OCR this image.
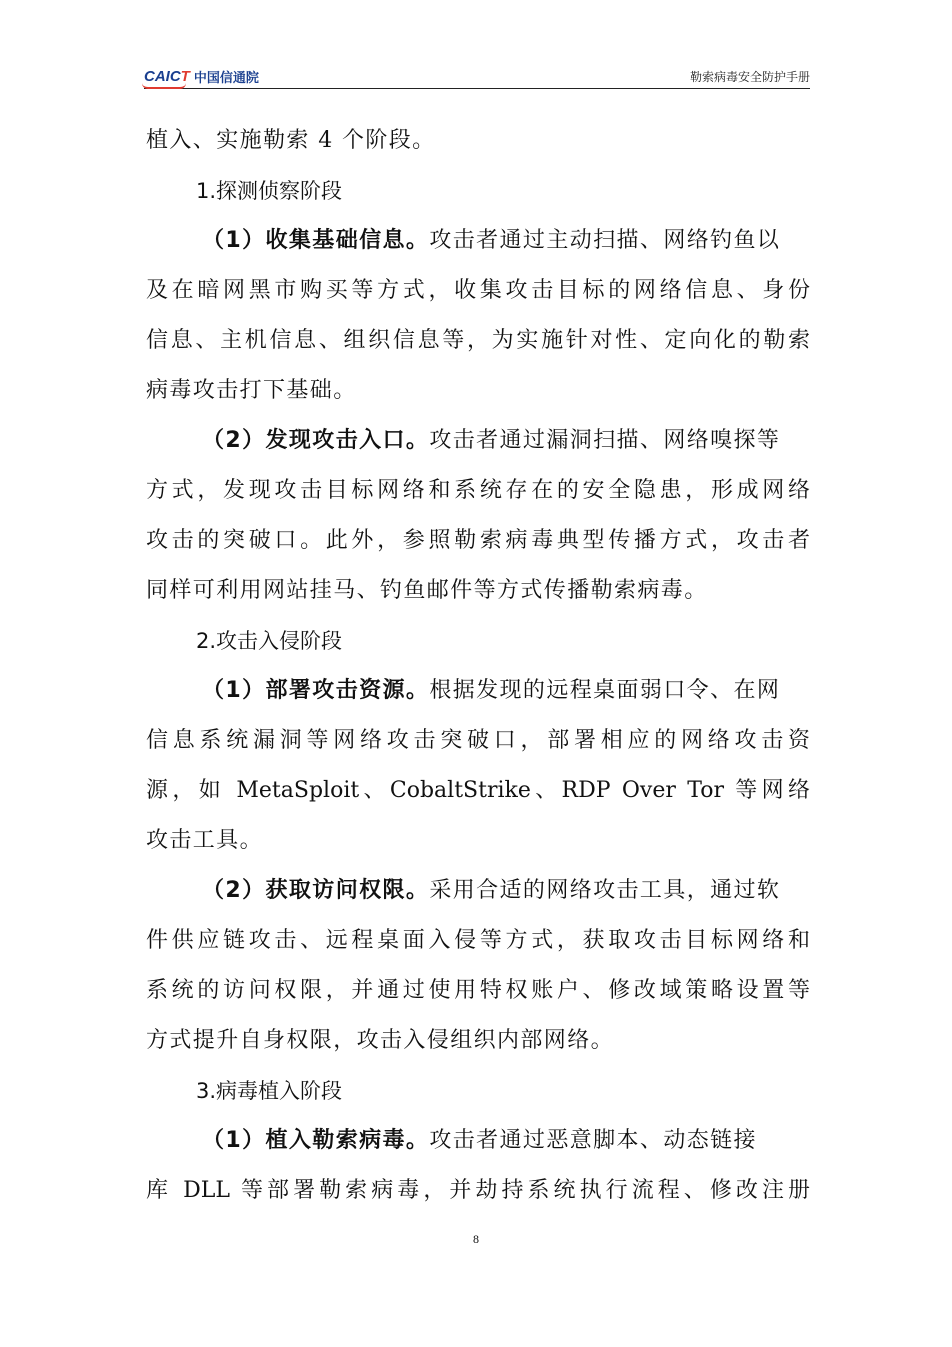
CAICT 中国信通院	勒索病毒安全防护手册
植入、实施勒索 4 个阶段。
1.探测侦察阶段
（1）收集基础信息。攻击者通过主动扫描、网络钓鱼以
及在暗网黑市购买等方式，收集攻击目标的网络信息、身份
信息、主机信息、组织信息等，为实施针对性、定向化的勒索
病毒攻击打下基础。
（2）发现攻击入口。攻击者通过漏洞扫描、网络嗅探等
方式，发现攻击目标网络和系统存在的安全隐患，形成网络
攻击的突破口。此外，参照勒索病毒典型传播方式，攻击者
同样可利用网站挂马、钓鱼邮件等方式传播勒索病毒。
2.攻击入侵阶段
（1）部署攻击资源。根据发现的远程桌面弱口令、在网
信息系统漏洞等网络攻击突破口，部署相应的网络攻击资
源，如 MetaSploit、CobaltStrike、RDP Over Tor 等网络
攻击工具。
（2）获取访问权限。采用合适的网络攻击工具，通过软
件供应链攻击、远程桌面入侵等方式，获取攻击目标网络和
系统的访问权限，并通过使用特权账户、修改域策略设置等
方式提升自身权限，攻击入侵组织内部网络。
3.病毒植入阶段
（1）植入勒索病毒。攻击者通过恶意脚本、动态链接
库 DLL 等部署勒索病毒，并劫持系统执行流程、修改注册
8
